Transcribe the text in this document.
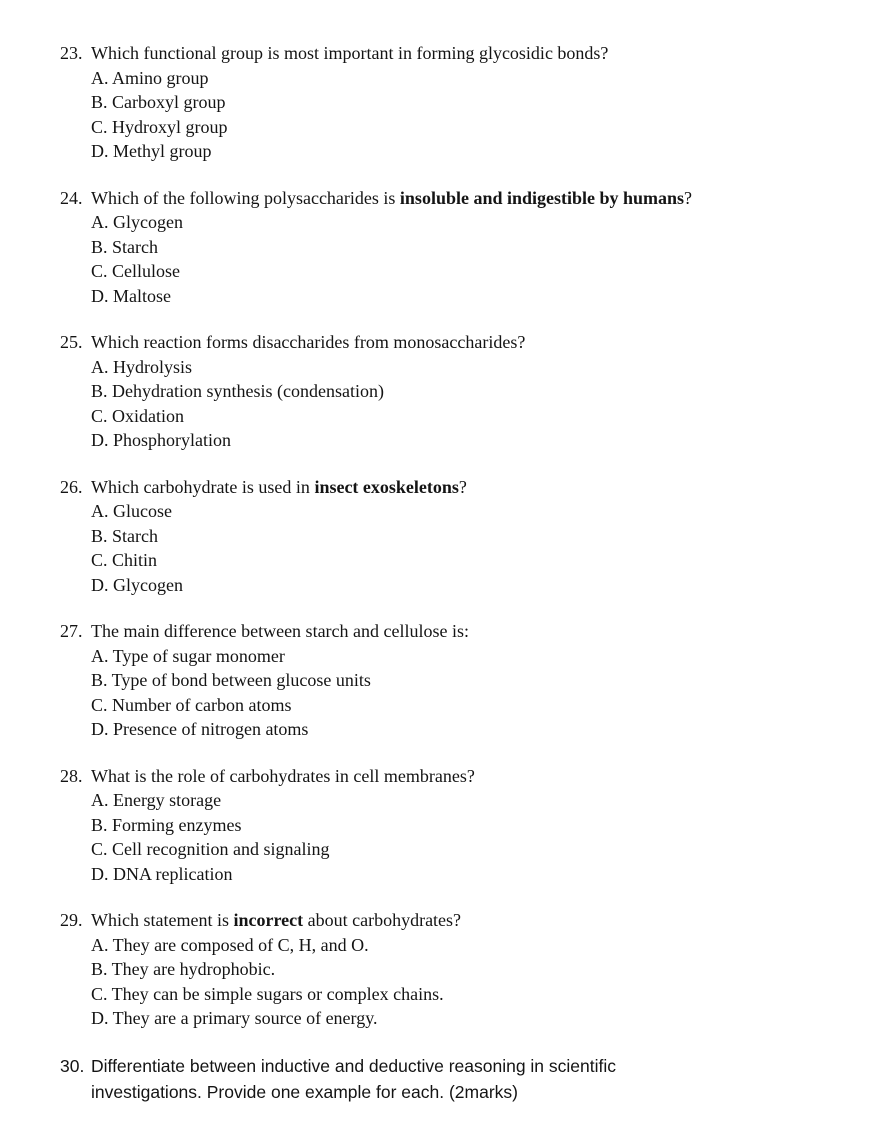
23. Which functional group is most important in forming glycosidic bonds?
A. Amino group
B. Carboxyl group
C. Hydroxyl group
D. Methyl group
24. Which of the following polysaccharides is insoluble and indigestible by humans?
A. Glycogen
B. Starch
C. Cellulose
D. Maltose
25. Which reaction forms disaccharides from monosaccharides?
A. Hydrolysis
B. Dehydration synthesis (condensation)
C. Oxidation
D. Phosphorylation
26. Which carbohydrate is used in insect exoskeletons?
A. Glucose
B. Starch
C. Chitin
D. Glycogen
27. The main difference between starch and cellulose is:
A. Type of sugar monomer
B. Type of bond between glucose units
C. Number of carbon atoms
D. Presence of nitrogen atoms
28. What is the role of carbohydrates in cell membranes?
A. Energy storage
B. Forming enzymes
C. Cell recognition and signaling
D. DNA replication
29. Which statement is incorrect about carbohydrates?
A. They are composed of C, H, and O.
B. They are hydrophobic.
C. They can be simple sugars or complex chains.
D. They are a primary source of energy.
30. Differentiate between inductive and deductive reasoning in scientific
investigations. Provide one example for each. (2marks)
